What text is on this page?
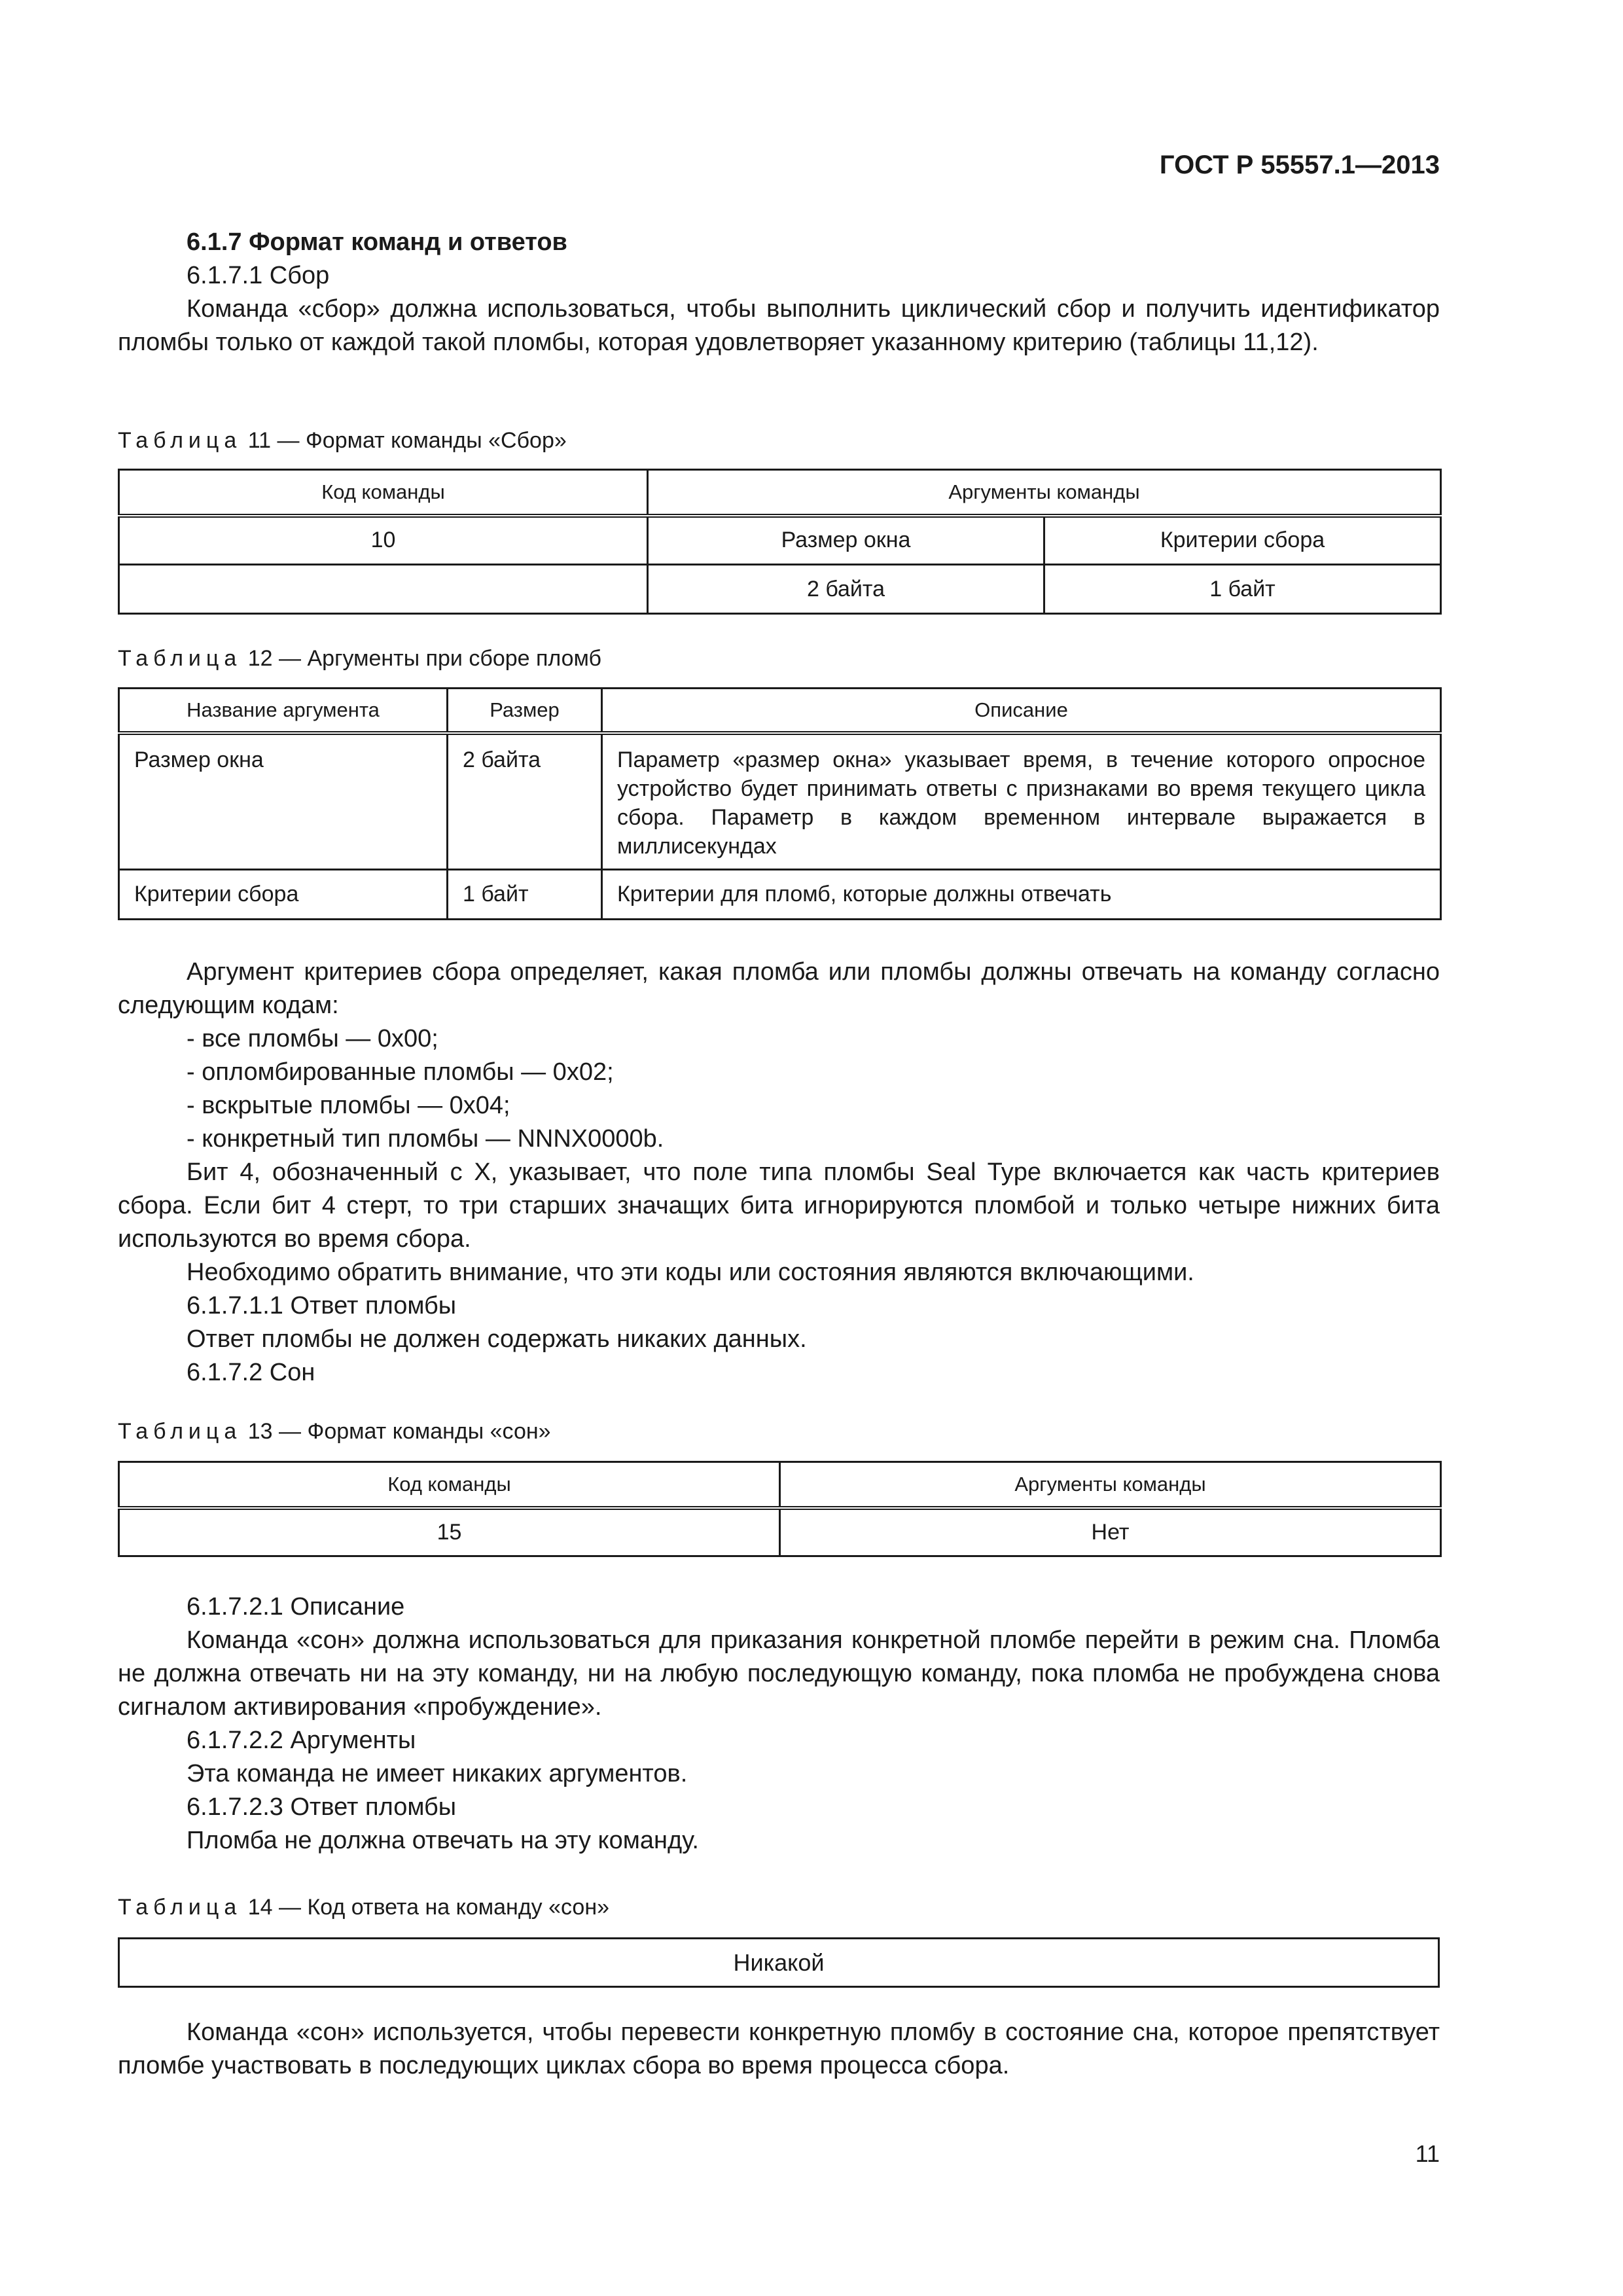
ГОСТ Р 55557.1—2013

6.1.7 Формат команд и ответов

6.1.7.1 Сбор

Команда «сбор» должна использоваться, чтобы выполнить циклический сбор и получить идентификатор пломбы только от каждой такой пломбы, которая удовлетворяет указанному критерию (таблицы 11,12).

Таблица 11 — Формат команды «Сбор»
Код команды	Аргументы команды	
10	Размер окна	Критерии сбора
	2 байта	1 байт
Таблица 12 — Аргументы при сборе пломб
Название аргумента	Размер	Описание
Размер окна	2 байта	Параметр «размер окна» указывает время, в течение которого опросное устройство будет принимать ответы с признаками во время текущего цикла сбора. Параметр в каждом временном интервале выражается в миллисекундах
Критерии сбора	1 байт	Критерии для пломб, которые должны отвечать

Аргумент критериев сбора определяет, какая пломба или пломбы должны отвечать на команду согласно следующим кодам:

- все пломбы — 0x00;

- опломбированные пломбы — 0x02;

- вскрытые пломбы — 0x04;

- конкретный тип пломбы — NNNX0000b.

Бит 4, обозначенный с X, указывает, что поле типа пломбы Seal Type включается как часть критериев сбора. Если бит 4 стерт, то три старших значащих бита игнорируются пломбой и только четыре нижних бита используются во время сбора.

Необходимо обратить внимание, что эти коды или состояния являются включающими.

6.1.7.1.1 Ответ пломбы

Ответ пломбы не должен содержать никаких данных.

6.1.7.2 Сон

Таблица 13 — Формат команды «сон»
Код команды	Аргументы команды
15	Нет

6.1.7.2.1 Описание

Команда «сон» должна использоваться для приказания конкретной пломбе перейти в режим сна. Пломба не должна отвечать ни на эту команду, ни на любую последующую команду, пока пломба не пробуждена снова сигналом активирования «пробуждение».

6.1.7.2.2 Аргументы

Эта команда не имеет никаких аргументов.

6.1.7.2.3 Ответ пломбы

Пломба не должна отвечать на эту команду.

Таблица 14 — Код ответа на команду «сон»
Никакой

Команда «сон» используется, чтобы перевести конкретную пломбу в состояние сна, которое препятствует пломбе участвовать в последующих циклах сбора во время процесса сбора.

11
